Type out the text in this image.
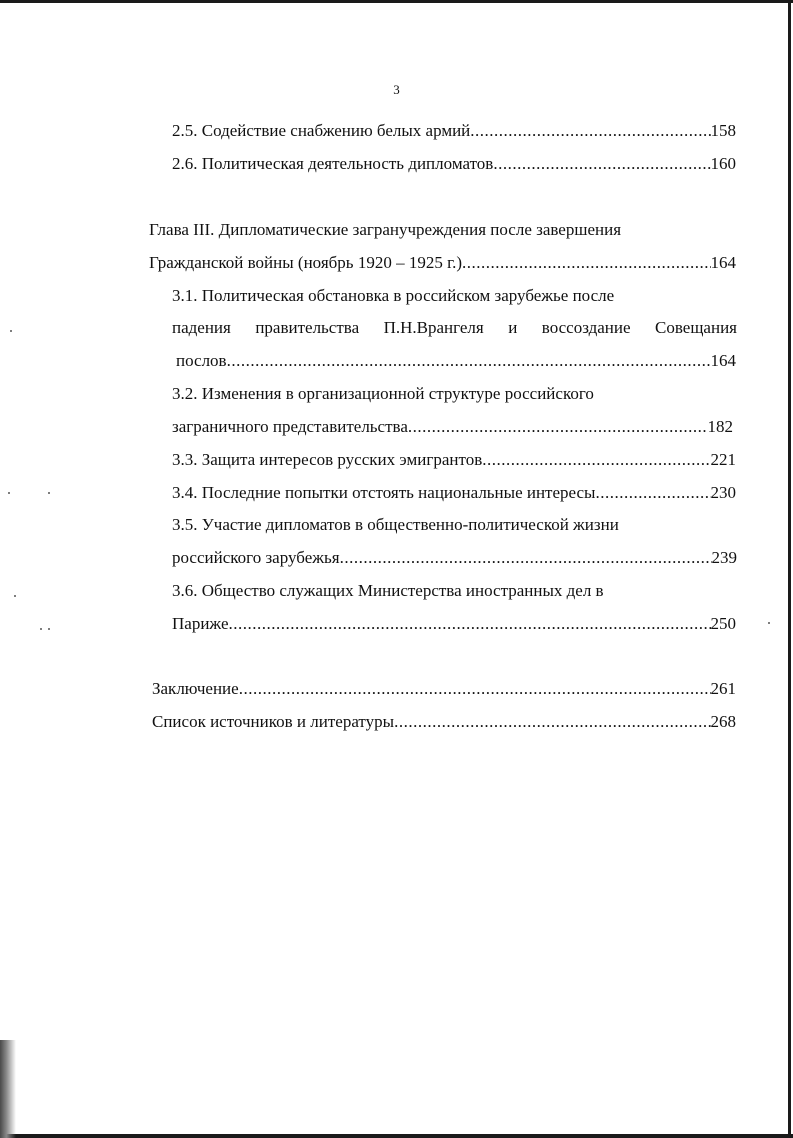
3
2.5. Содействие снабжению белых армий .....	158
2.6. Политическая деятельность дипломатов .....	160
Глава III. Дипломатические загранучреждения после завершения
Гражданской войны (ноябрь 1920 – 1925 г.) .....	164
3.1. Политическая обстановка в российском зарубежье после
падения правительства П.Н.Врангеля и воссоздание Совещания
послов .....	164
3.2. Изменения в организационной структуре российского
заграничного представительства .....	182
3.3. Защита интересов русских эмигрантов .....	221
3.4. Последние попытки отстоять национальные интересы .....	230
3.5. Участие дипломатов в общественно-политической жизни
российского зарубежья .....	239
3.6. Общество служащих Министерства иностранных дел в
Париже .....	250
Заключение .....	261
Список источников и литературы .....	268
